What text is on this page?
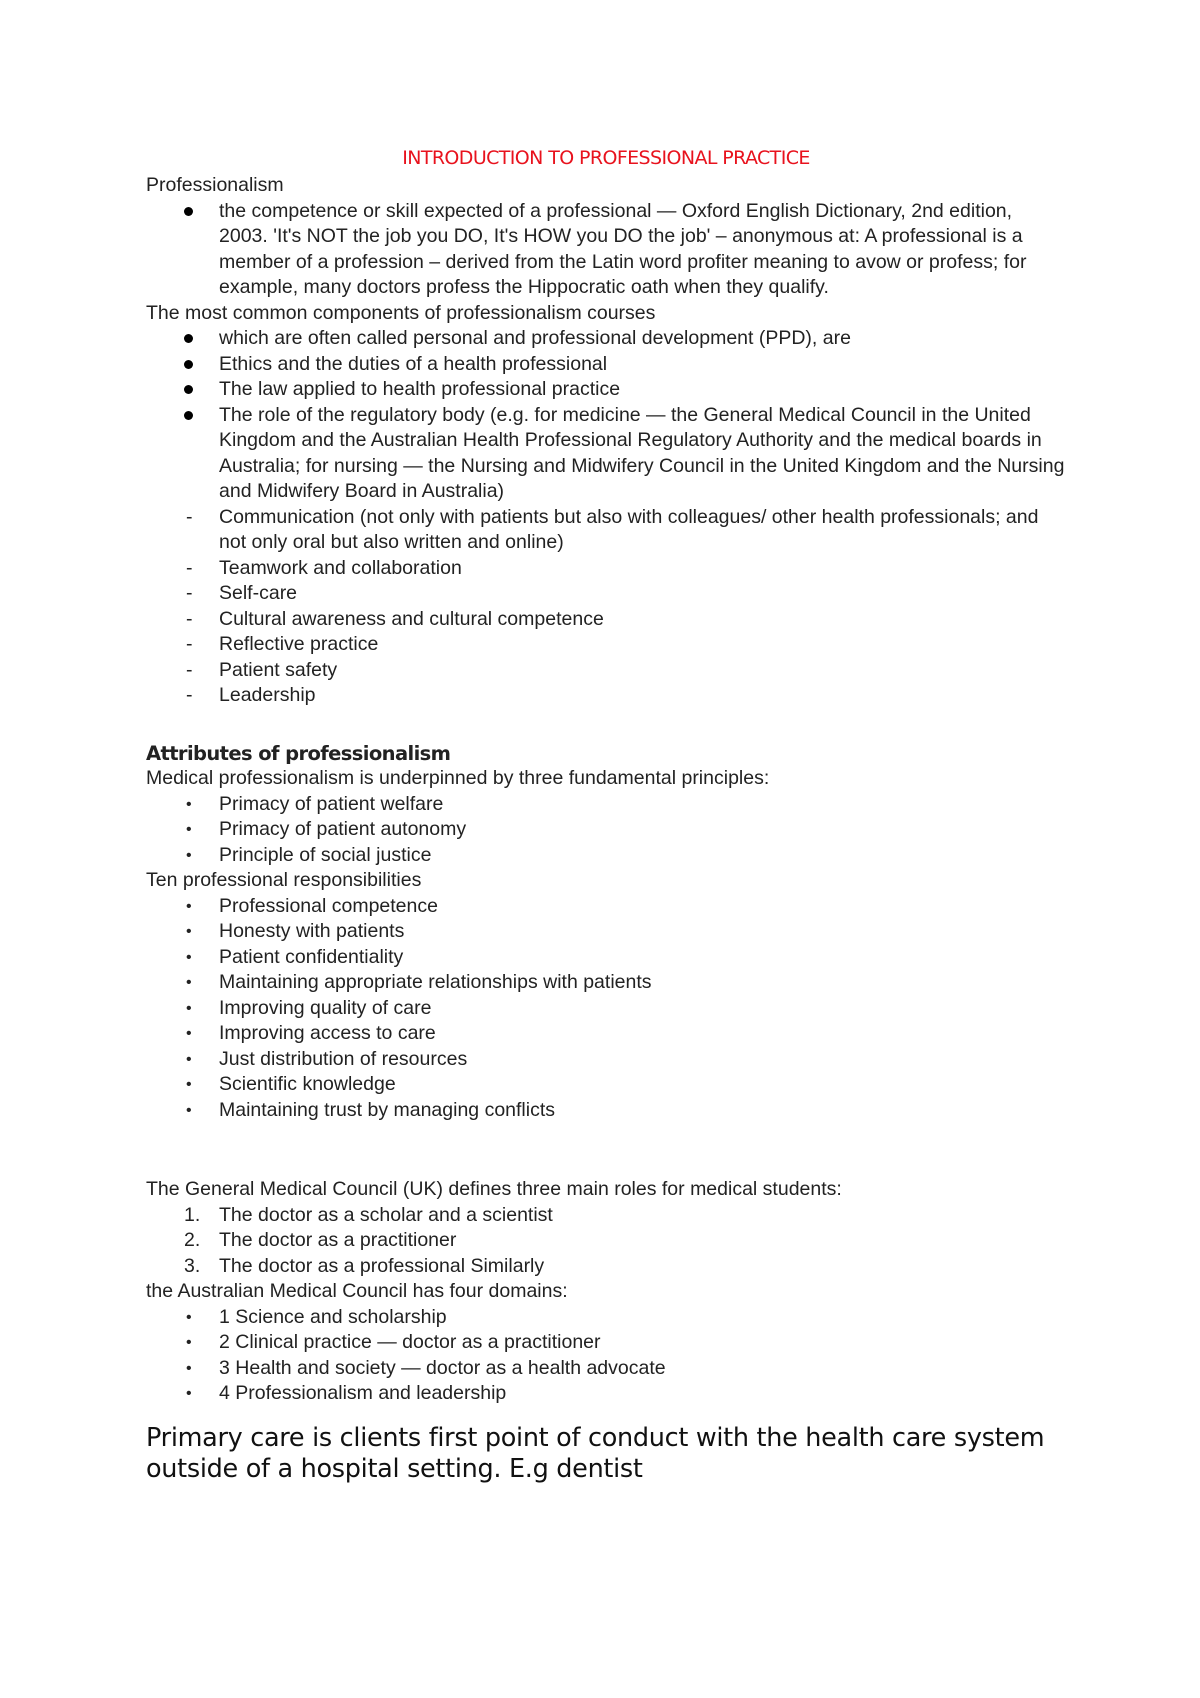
INTRODUCTION TO PROFESSIONAL PRACTICE
Professionalism
the competence or skill expected of a professional — Oxford English Dictionary, 2nd edition, 2003. 'It's NOT the job you DO, It's HOW you DO the job' – anonymous at: A professional is a member of a profession – derived from the Latin word profiter meaning to avow or profess; for example, many doctors profess the Hippocratic oath when they qualify.
The most common components of professionalism courses
which are often called personal and professional development (PPD), are
Ethics and the duties of a health professional
The law applied to health professional practice
The role of the regulatory body (e.g. for medicine — the General Medical Council in the United Kingdom and the Australian Health Professional Regulatory Authority and the medical boards in Australia; for nursing — the Nursing and Midwifery Council in the United Kingdom and the Nursing and Midwifery Board in Australia)
-	Communication (not only with patients but also with colleagues/ other health professionals; and not only oral but also written and online)
-	Teamwork and collaboration
-	Self-care
-	Cultural awareness and cultural competence
-	Reflective practice
-	Patient safety
-	Leadership
Attributes of professionalism
Medical professionalism is underpinned by three fundamental principles:
•	Primacy of patient welfare
•	Primacy of patient autonomy
•	Principle of social justice
Ten professional responsibilities
•	Professional competence
•	Honesty with patients
•	Patient confidentiality
•	Maintaining appropriate relationships with patients
•	Improving quality of care
•	Improving access to care
•	Just distribution of resources
•	Scientific knowledge
•	Maintaining trust by managing conflicts
The General Medical Council (UK) defines three main roles for medical students:
1. The doctor as a scholar and a scientist
2. The doctor as a practitioner
3. The doctor as a professional Similarly
the Australian Medical Council has four domains:
•	1 Science and scholarship
•	2 Clinical practice — doctor as a practitioner
•	3 Health and society — doctor as a health advocate
•	4 Professionalism and leadership
Primary care is clients first point of conduct with the health care system outside of a hospital setting. E.g dentist
